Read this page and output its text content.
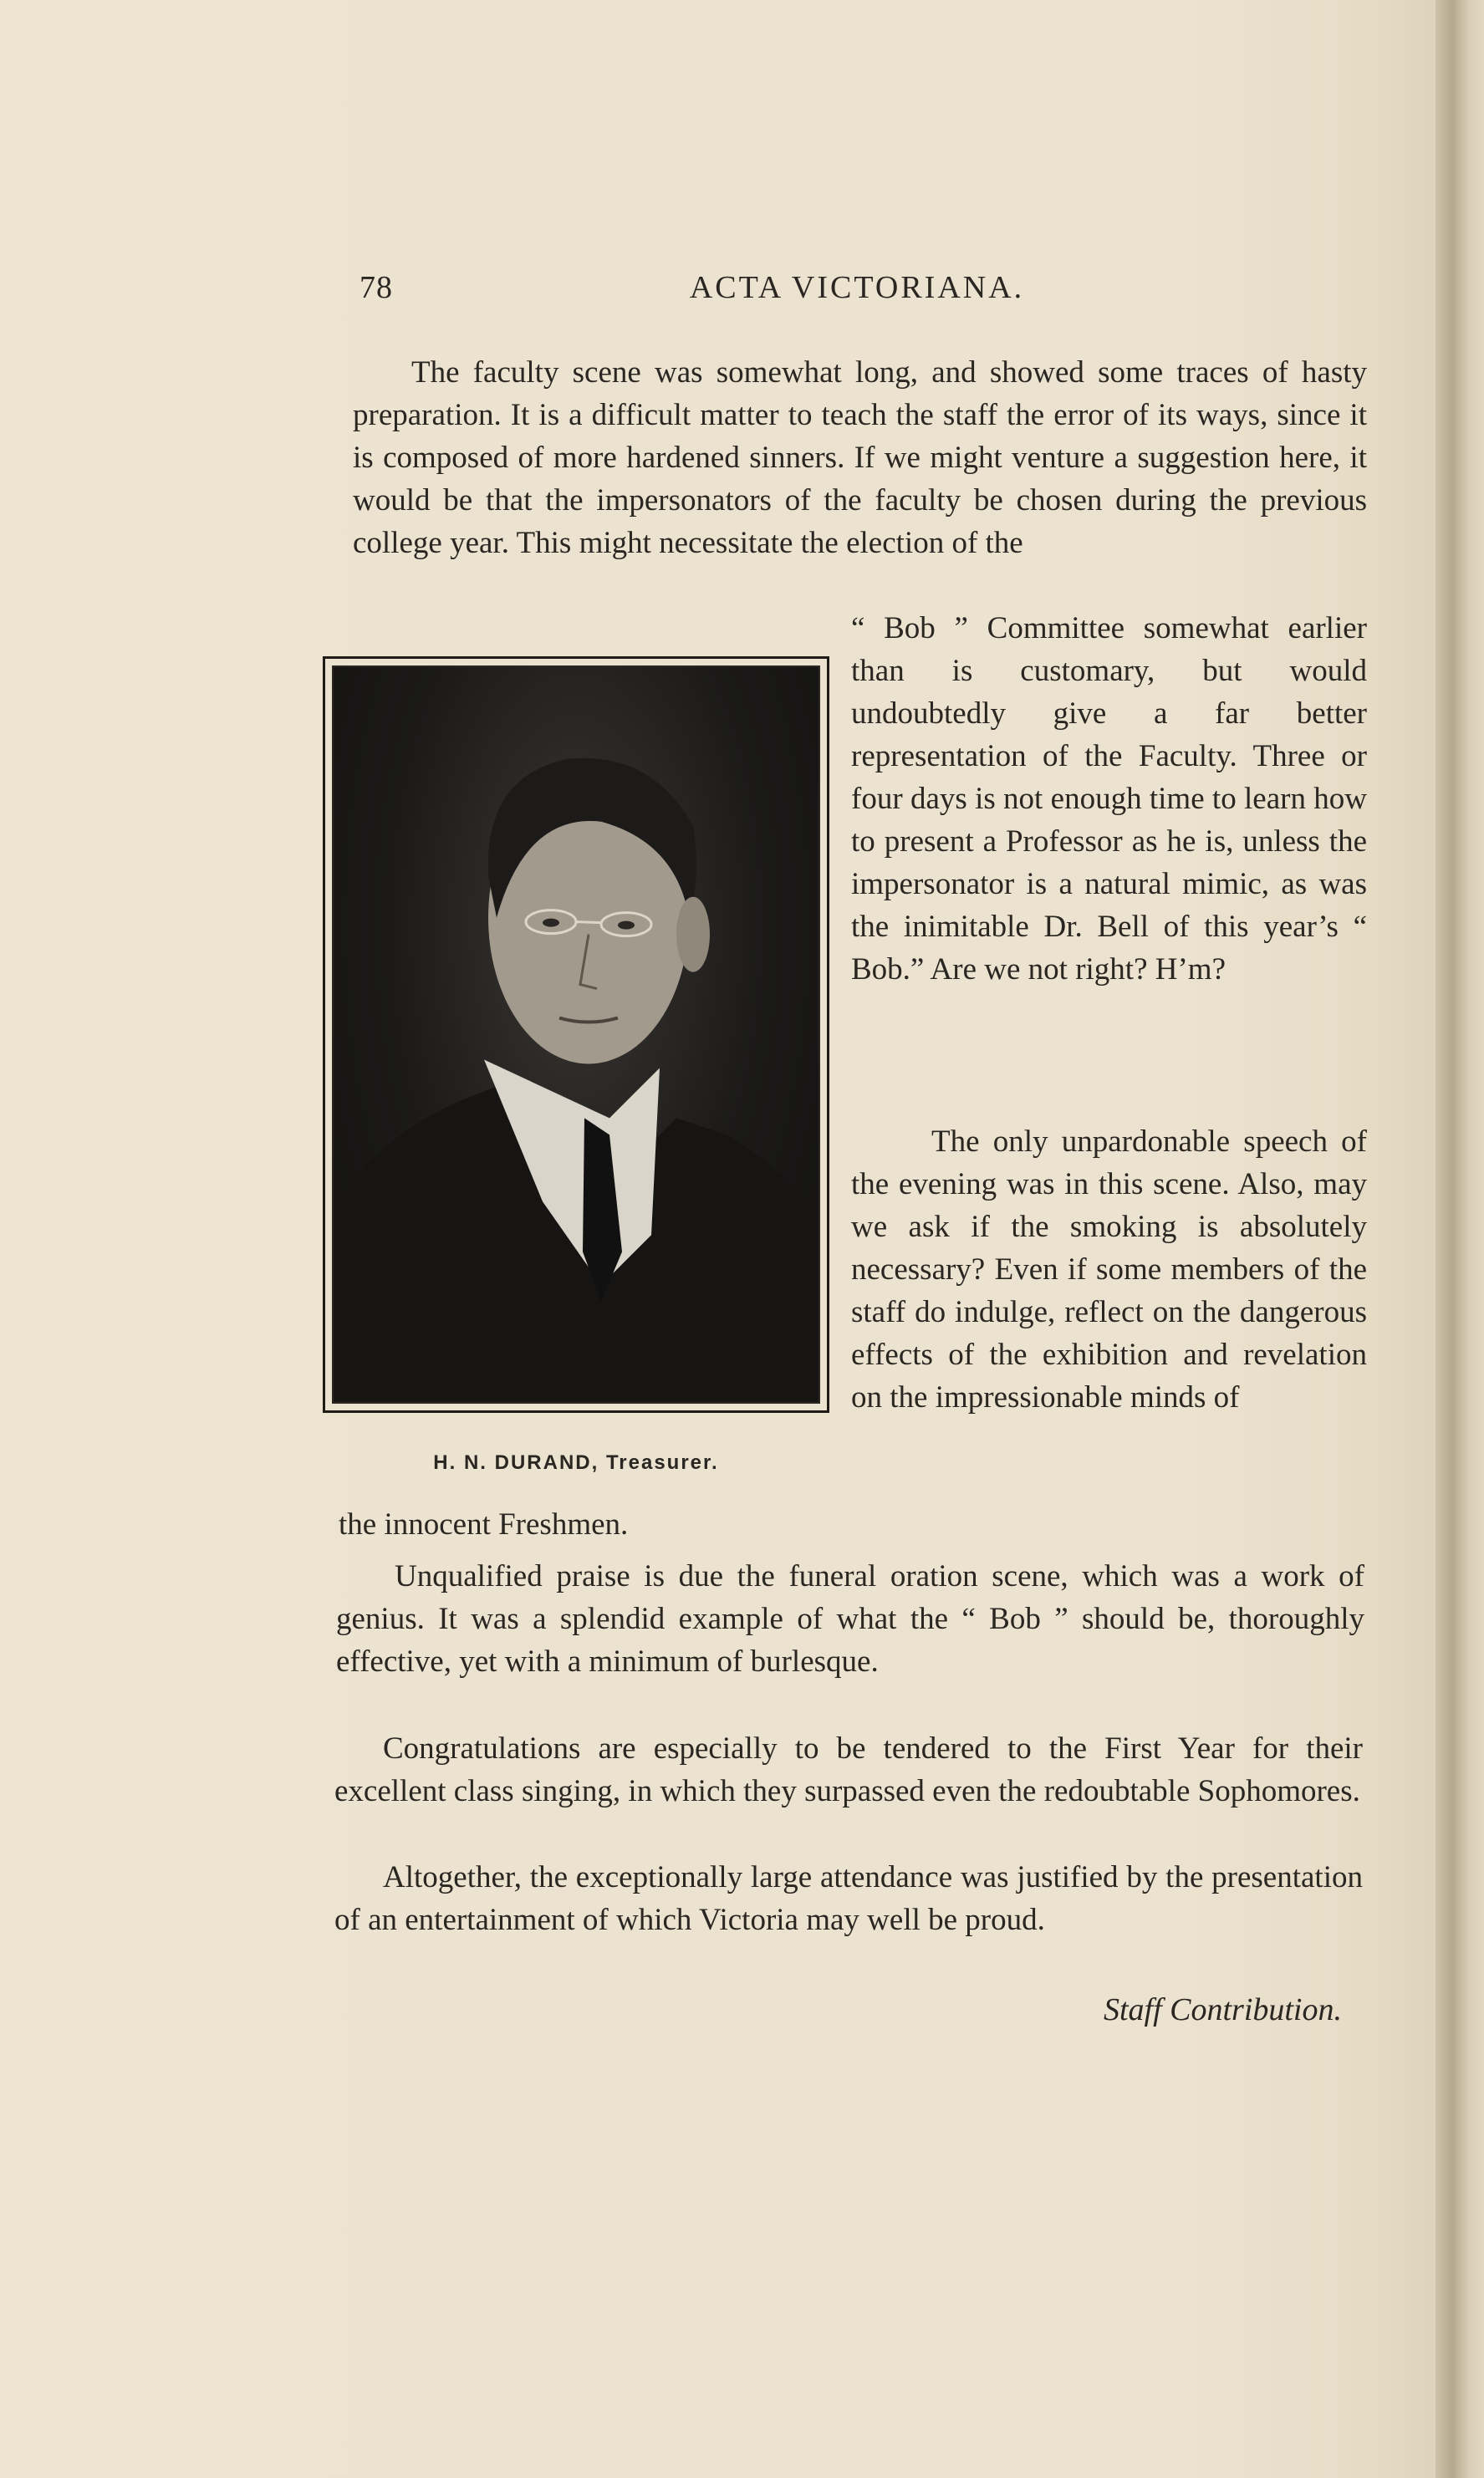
78	ACTA VICTORIANA.

The faculty scene was somewhat long, and showed some traces of hasty preparation. It is a difficult matter to teach the staff the error of its ways, since it is composed of more hardened sinners. If we might venture a suggestion here, it would be that the impersonators of the faculty be chosen during the previous college year. This might necessitate the election of the

H. N. DURAND, Treasurer.

“ Bob ” Committee somewhat earlier than is customary, but would undoubtedly give a far better representation of the Faculty. Three or four days is not enough time to learn how to present a Professor as he is, unless the impersonator is a natural mimic, as was the inimitable Dr. Bell of this year’s “ Bob.” Are we not right? H’m?

The only unpardonable speech of the evening was in this scene. Also, may we ask if the smoking is absolutely necessary? Even if some members of the staff do indulge, reflect on the dangerous effects of the exhibition and revelation on the impressionable minds of

the innocent Freshmen.

Unqualified praise is due the funeral oration scene, which was a work of genius. It was a splendid example of what the “ Bob ” should be, thoroughly effective, yet with a minimum of burlesque.

Congratulations are especially to be tendered to the First Year for their excellent class singing, in which they surpassed even the redoubtable Sophomores.

Altogether, the exceptionally large attendance was justified by the presentation of an entertainment of which Victoria may well be proud.

Staff Contribution.
